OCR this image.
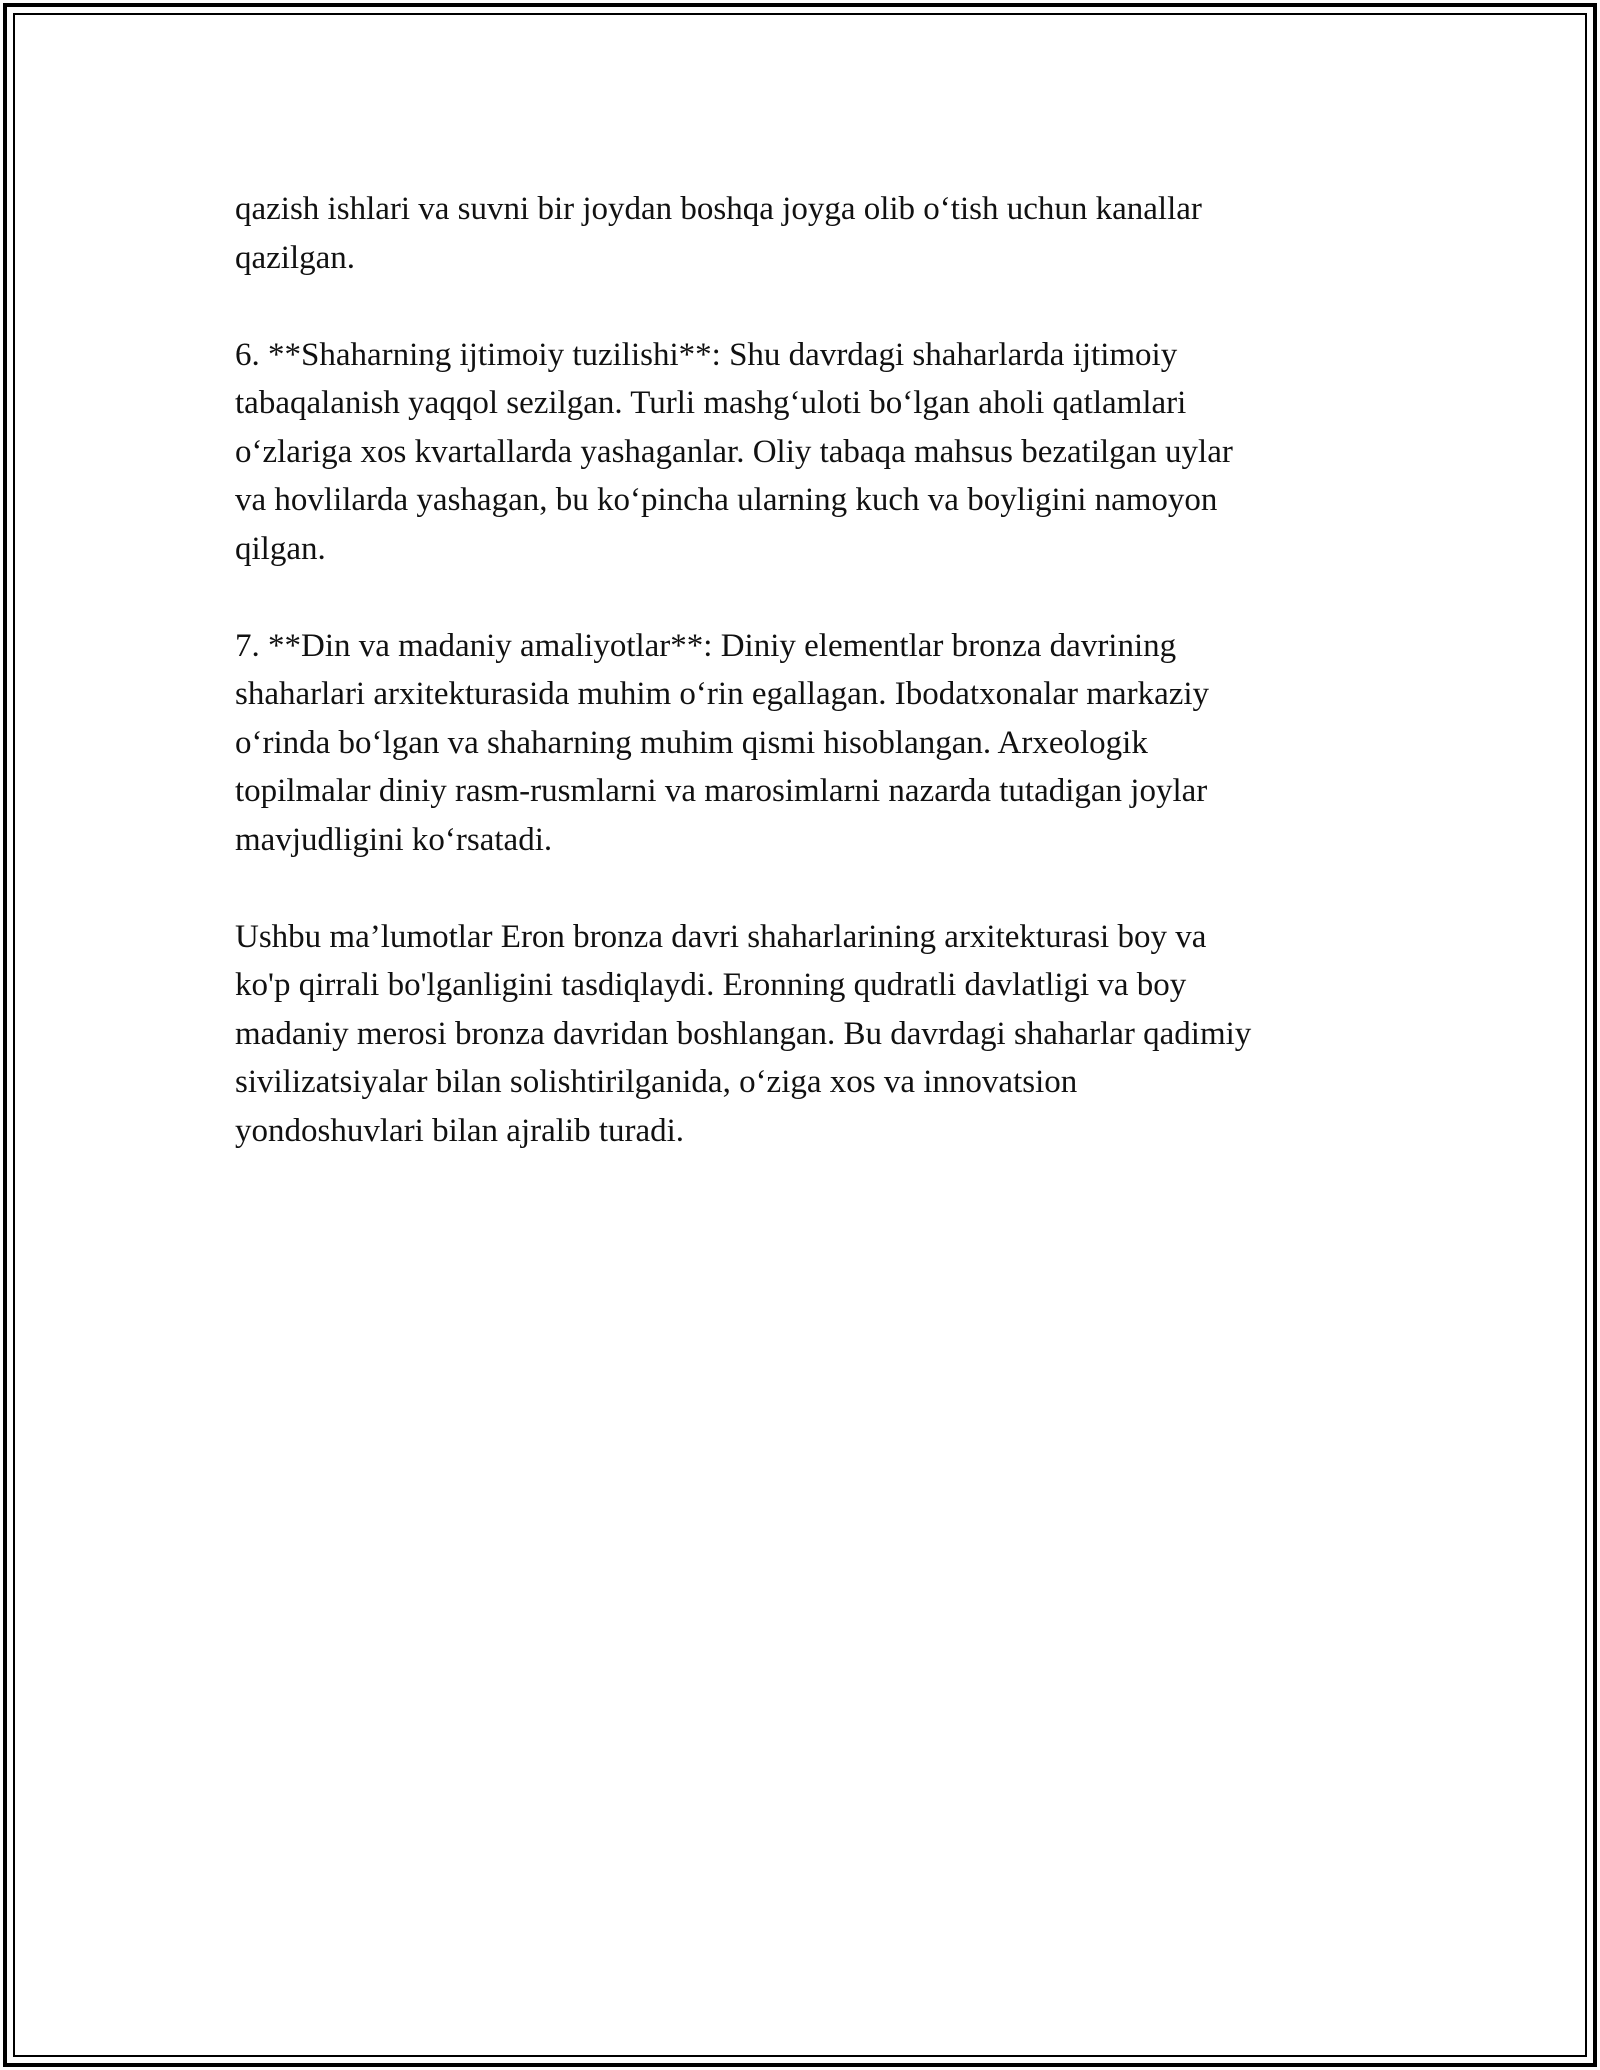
qazish ishlari va suvni bir joydan boshqa joyga olib o‘tish uchun kanallar
qazilgan.

6. **Shaharning ijtimoiy tuzilishi**: Shu davrdagi shaharlarda ijtimoiy
tabaqalanish yaqqol sezilgan. Turli mashg‘uloti bo‘lgan aholi qatlamlari
o‘zlariga xos kvartallarda yashaganlar. Oliy tabaqa mahsus bezatilgan uylar
va hovlilarda yashagan, bu ko‘pincha ularning kuch va boyligini namoyon
qilgan.

7. **Din va madaniy amaliyotlar**: Diniy elementlar bronza davrining
shaharlari arxitekturasida muhim o‘rin egallagan. Ibodatxonalar markaziy
o‘rinda bo‘lgan va shaharning muhim qismi hisoblangan. Arxeologik
topilmalar diniy rasm-rusmlarni va marosimlarni nazarda tutadigan joylar
mavjudligini ko‘rsatadi.

Ushbu ma’lumotlar Eron bronza davri shaharlarining arxitekturasi boy va
ko'p qirrali bo'lganligini tasdiqlaydi. Eronning qudratli davlatligi va boy
madaniy merosi bronza davridan boshlangan. Bu davrdagi shaharlar qadimiy
sivilizatsiyalar bilan solishtirilganida, o‘ziga xos va innovatsion
yondoshuvlari bilan ajralib turadi.
